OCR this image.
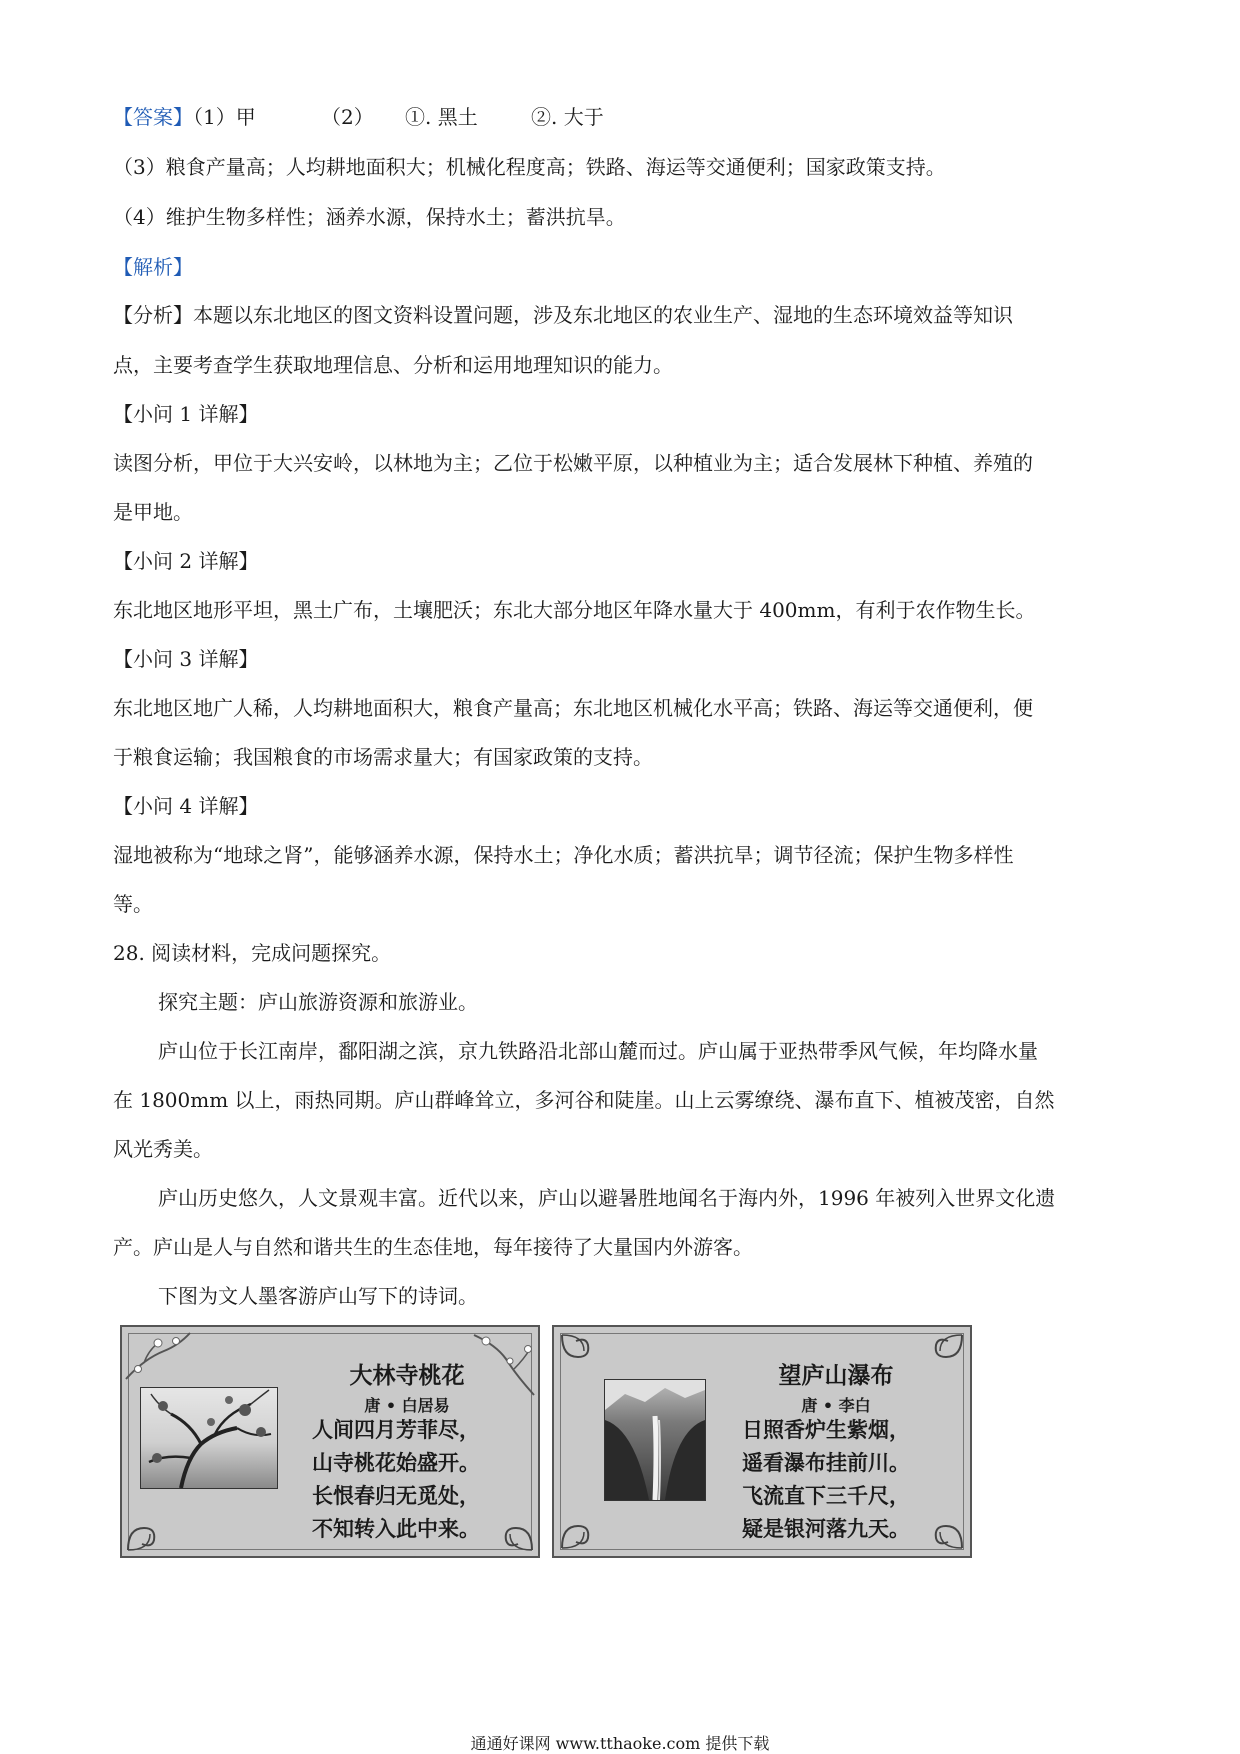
【答案】（1）甲	（2） ①. 黑土	②. 大于
（3）粮食产量高；人均耕地面积大；机械化程度高；铁路、海运等交通便利；国家政策支持。
（4）维护生物多样性；涵养水源，保持水土；蓄洪抗旱。
【解析】
【分析】本题以东北地区的图文资料设置问题，涉及东北地区的农业生产、湿地的生态环境效益等知识
点，主要考查学生获取地理信息、分析和运用地理知识的能力。
【小问 1 详解】
读图分析，甲位于大兴安岭，以林地为主；乙位于松嫩平原，以种植业为主；适合发展林下种植、养殖的
是甲地。
【小问 2 详解】
东北地区地形平坦，黑土广布，土壤肥沃；东北大部分地区年降水量大于 400mm，有利于农作物生长。
【小问 3 详解】
东北地区地广人稀，人均耕地面积大，粮食产量高；东北地区机械化水平高；铁路、海运等交通便利，便
于粮食运输；我国粮食的市场需求量大；有国家政策的支持。
【小问 4 详解】
湿地被称为“地球之肾”，能够涵养水源，保持水土；净化水质；蓄洪抗旱；调节径流；保护生物多样性
等。
28. 阅读材料，完成问题探究。
探究主题：庐山旅游资源和旅游业。
庐山位于长江南岸，鄱阳湖之滨，京九铁路沿北部山麓而过。庐山属于亚热带季风气候，年均降水量
在 1800mm 以上，雨热同期。庐山群峰耸立，多河谷和陡崖。山上云雾缭绕、瀑布直下、植被茂密，自然
风光秀美。
庐山历史悠久，人文景观丰富。近代以来，庐山以避暑胜地闻名于海内外，1996 年被列入世界文化遗
产。庐山是人与自然和谐共生的生态佳地，每年接待了大量国内外游客。
下图为文人墨客游庐山写下的诗词。
大林寺桃花
唐 • 白居易
人间四月芳菲尽，
山寺桃花始盛开。
长恨春归无觅处，
不知转入此中来。
望庐山瀑布
唐 • 李白
日照香炉生紫烟，
遥看瀑布挂前川。
飞流直下三千尺，
疑是银河落九天。
通通好课网 www.tthaoke.com 提供下载
